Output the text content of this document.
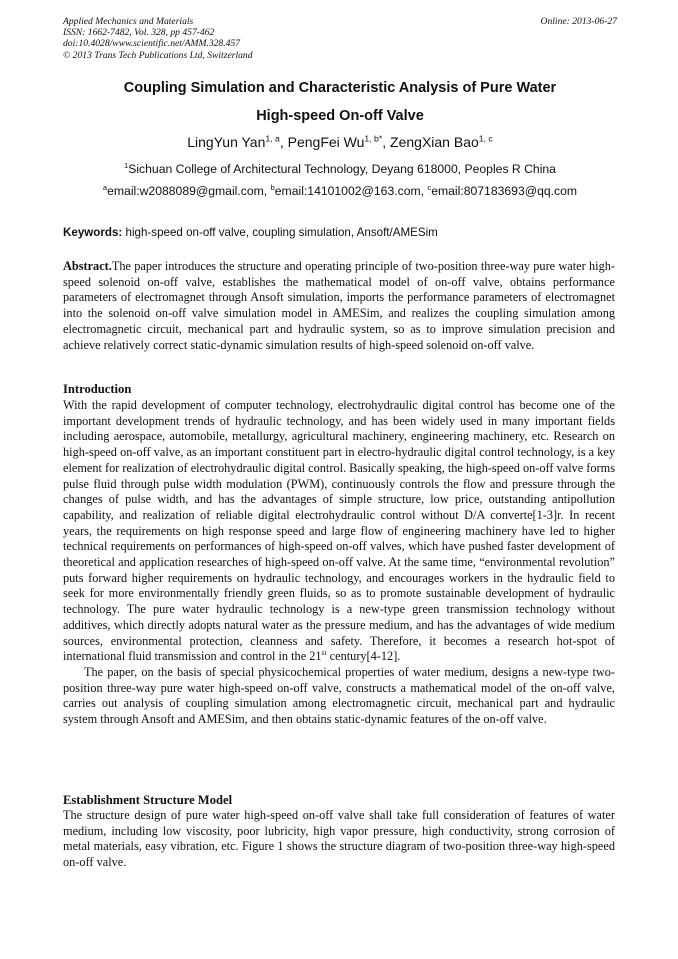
Applied Mechanics and Materials
ISSN: 1662-7482, Vol. 328, pp 457-462
doi:10.4028/www.scientific.net/AMM.328.457
© 2013 Trans Tech Publications Ltd, Switzerland
Online: 2013-06-27
Coupling Simulation and Characteristic Analysis of Pure Water
High-speed On-off Valve
LingYun Yan$^{1, a}$, PengFei $Wu^{1, b*}$, ZengXian Bao$^{1, c}$
$^1$Sichuan College of Architectural Technology, Deyang 618000, Peoples R China
$^a$email:w2088089@gmail.com, $^b$email:14101002@163.com, $^c$email:807183693@qq.com
Keywords: high-speed on-off valve, coupling simulation, Ansoft/AMESim
Abstract.The paper introduces the structure and operating principle of two-position three-way pure water high-speed solenoid on-off valve, establishes the mathematical model of on-off valve, obtains performance parameters of electromagnet through Ansoft simulation, imports the performance parameters of electromagnet into the solenoid on-off valve simulation model in AMESim, and realizes the coupling simulation among electromagnetic circuit, mechanical part and hydraulic system, so as to improve simulation precision and achieve relatively correct static-dynamic simulation results of high-speed solenoid on-off valve.
Introduction

With the rapid development of computer technology, electrohydraulic digital control has become one of the important development trends of hydraulic technology, and has been widely used in many important fields including aerospace, automobile, metallurgy, agricultural machinery, engineering machinery, etc. Research on high-speed on-off valve, as an important constituent part in electro-hydraulic digital control technology, is a key element for realization of electrohydraulic digital control. Basically speaking, the high-speed on-off valve forms pulse fluid through pulse width modulation (PWM), continuously controls the flow and pressure through the changes of pulse width, and has the advantages of simple structure, low price, outstanding antipollution capability, and realization of reliable digital electrohydraulic control without D/A converte[1-3]r. In recent years, the requirements on high response speed and large flow of engineering machinery have led to higher technical requirements on performances of high-speed on-off valves, which have pushed faster development of theoretical and application researches of high-speed on-off valve. At the same time, “environmental revolution” puts forward higher requirements on hydraulic technology, and encourages workers in the hydraulic field to seek for more environmentally friendly green fluids, so as to promote sustainable development of hydraulic technology. The pure water hydraulic technology is a new-type green transmission technology without additives, which directly adopts natural water as the pressure medium, and has the advantages of wide medium sources, environmental protection, cleanness and safety. Therefore, it becomes a research hot-spot of international fluid transmission and control in the 21st century[4-12].

The paper, on the basis of special physicochemical properties of water medium, designs a new-type two-position three-way pure water high-speed on-off valve, constructs a mathematical model of the on-off valve, carries out analysis of coupling simulation among electromagnetic circuit, mechanical part and hydraulic system through Ansoft and AMESim, and then obtains static-dynamic features of the on-off valve.

Establishment Structure Model
The structure design of pure water high-speed on-off valve shall take full consideration of features of water medium, including low viscosity, poor lubricity, high vapor pressure, high conductivity, strong corrosion of metal materials, easy vibration, etc. Figure 1 shows the structure diagram of two-position three-way high-speed on-off valve.
